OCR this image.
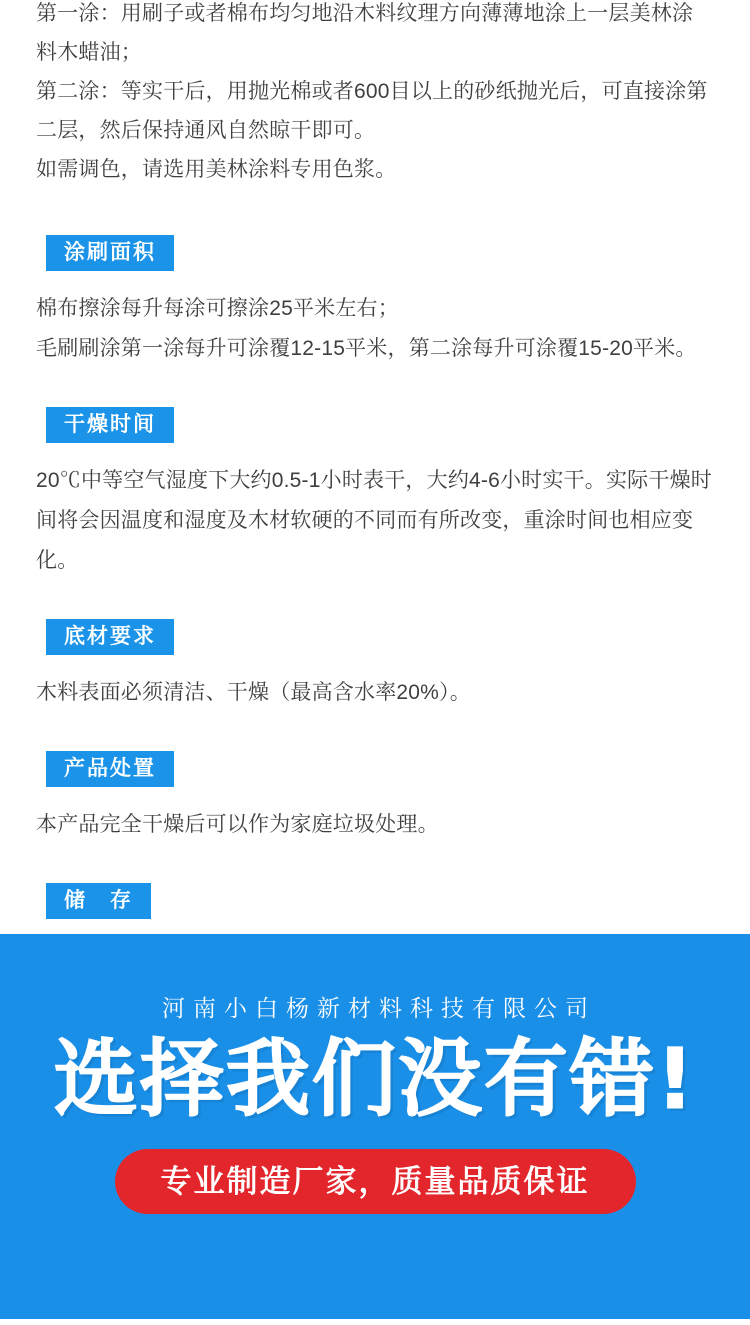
第一涂：用刷子或者棉布均匀地沿木料纹理方向薄薄地涂上一层美林涂料木蜡油；

第二涂：等实干后，用抛光棉或者600目以上的砂纸抛光后，可直接涂第二层，然后保持通风自然晾干即可。

如需调色，请选用美林涂料专用色浆。

涂刷面积

棉布擦涂每升每涂可擦涂25平米左右；

毛刷刷涂第一涂每升可涂覆12-15平米，第二涂每升可涂覆15-20平米。

干燥时间

20℃中等空气湿度下大约0.5-1小时表干，大约4-6小时实干。实际干燥时间将会因温度和湿度及木材软硬的不同而有所改变，重涂时间也相应变化。

底材要求

木料表面必须清洁、干燥（最高含水率20%）。

产品处置

本产品完全干燥后可以作为家庭垃圾处理。

储　存

河南小白杨新材料科技有限公司
选择我们没有错!
专业制造厂家，质量品质保证
